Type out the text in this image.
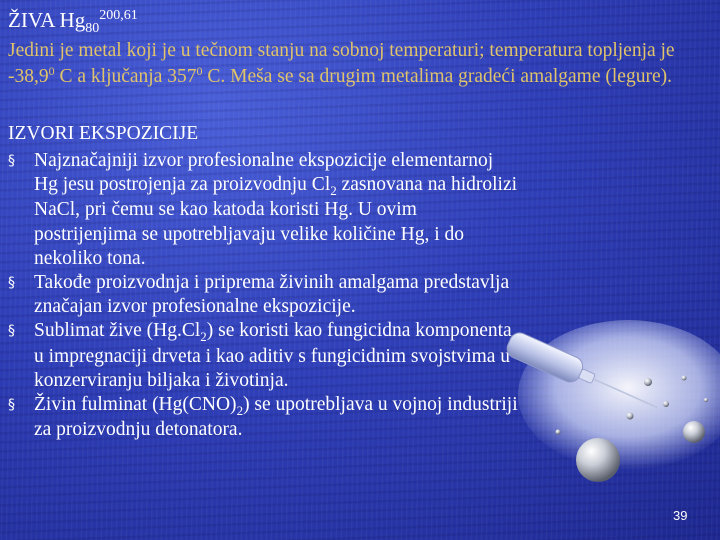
ŽIVA $Hg_{80}^{200,61}$
Jedini je metal koji je u tečnom stanju na sobnoj temperaturi; temperatura topljenja je -38,9$^0$ C a ključanja $357^0$ C. Meša se sa drugim metalima gradeći amalgame (legure).
IZVORI EKSPOZICIJE
§ Najznačajniji izvor profesionalne ekspozicije elementarnoj Hg jesu postrojenja za proizvodnju $Cl_2$ zasnovana na hidrolizi NaCl, pri čemu se kao katoda koristi Hg. U ovim postrijenjima se upotrebljavaju velike količine Hg, i do nekoliko tona.
§ Takođe proizvodnja i priprema živinih amalgama predstavlja značajan izvor profesionalne ekspozicije.
§ Sublimat žive $(Hg.Cl_2)$ se koristi kao fungicidna komponenta u impregnaciji drveta i kao aditiv s fungicidnim svojstvima u konzerviranju biljaka i životinja.
§ Živin fulminat $(Hg(CNO)_2)$ se upotrebljava u vojnoj industriji za proizvodnju detonatora.
39
